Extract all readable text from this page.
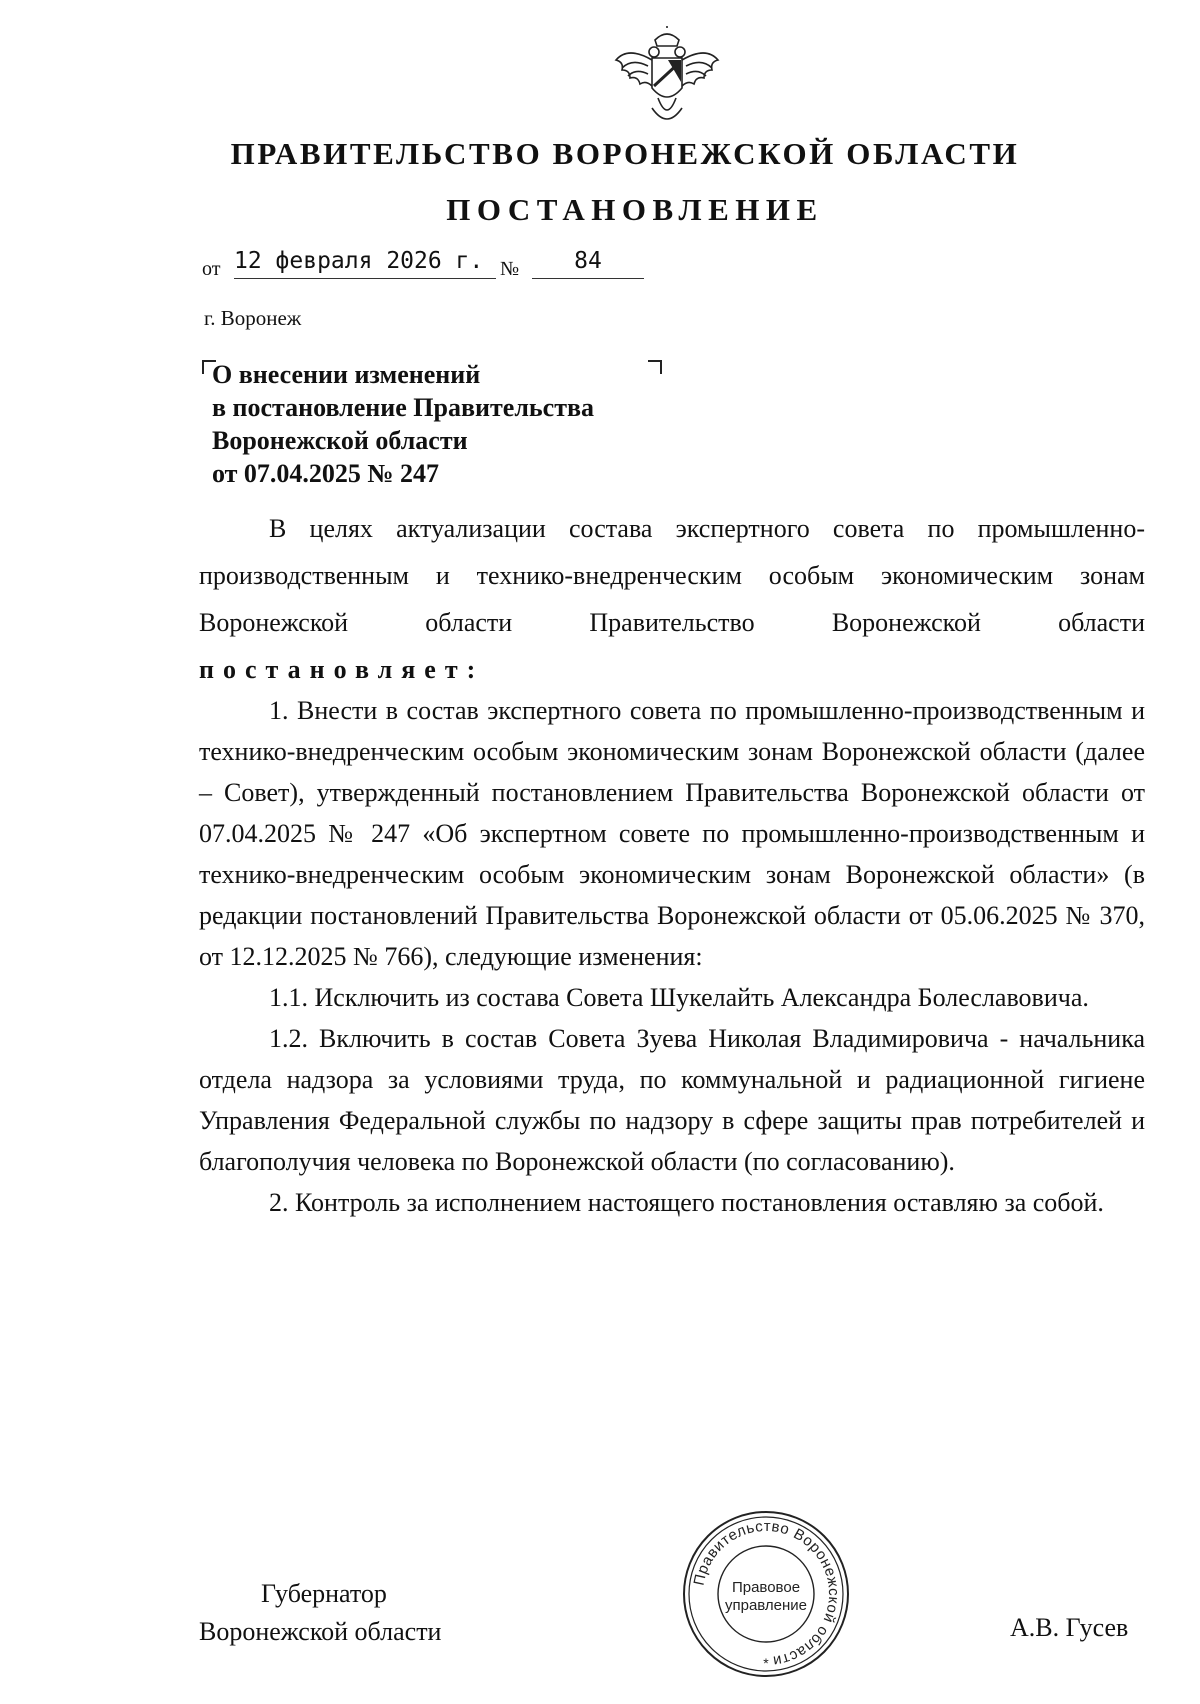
ПРАВИТЕЛЬСТВО ВОРОНЕЖСКОЙ ОБЛАСТИ
ПОСТАНОВЛЕНИЕ
от 12 февраля 2026 г. №	84
г. Воронеж
О внесении изменений
в постановление Правительства
Воронежской области
от 07.04.2025 № 247

В целях актуализации состава экспертного совета по промышленно-производственным и технико-внедренческим особым экономическим зонам Воронежской области Правительство Воронежской области

постановляет:

1. Внести в состав экспертного совета по промышленно-производственным и технико-внедренческим особым экономическим зонам Воронежской области (далее – Совет), утвержденный постановлением Правительства Воронежской области от 07.04.2025 № 247 «Об экспертном совете по промышленно-производственным и технико-внедренческим особым экономическим зонам Воронежской области» (в редакции постановлений Правительства Воронежской области от 05.06.2025 № 370, от 12.12.2025 № 766), следующие изменения:

1.1. Исключить из состава Совета Шукелайть Александра Болеславовича.

1.2. Включить в состав Совета Зуева Николая Владимировича - начальника отдела надзора за условиями труда, по коммунальной и радиационной гигиене Управления Федеральной службы по надзору в сфере защиты прав потребителей и благополучия человека по Воронежской области (по согласованию).

2. Контроль за исполнением настоящего постановления оставляю за собой.

Губернатор
Воронежской области
Правительство Воронежской области
Правовое
управление
*
А.В. Гусев
